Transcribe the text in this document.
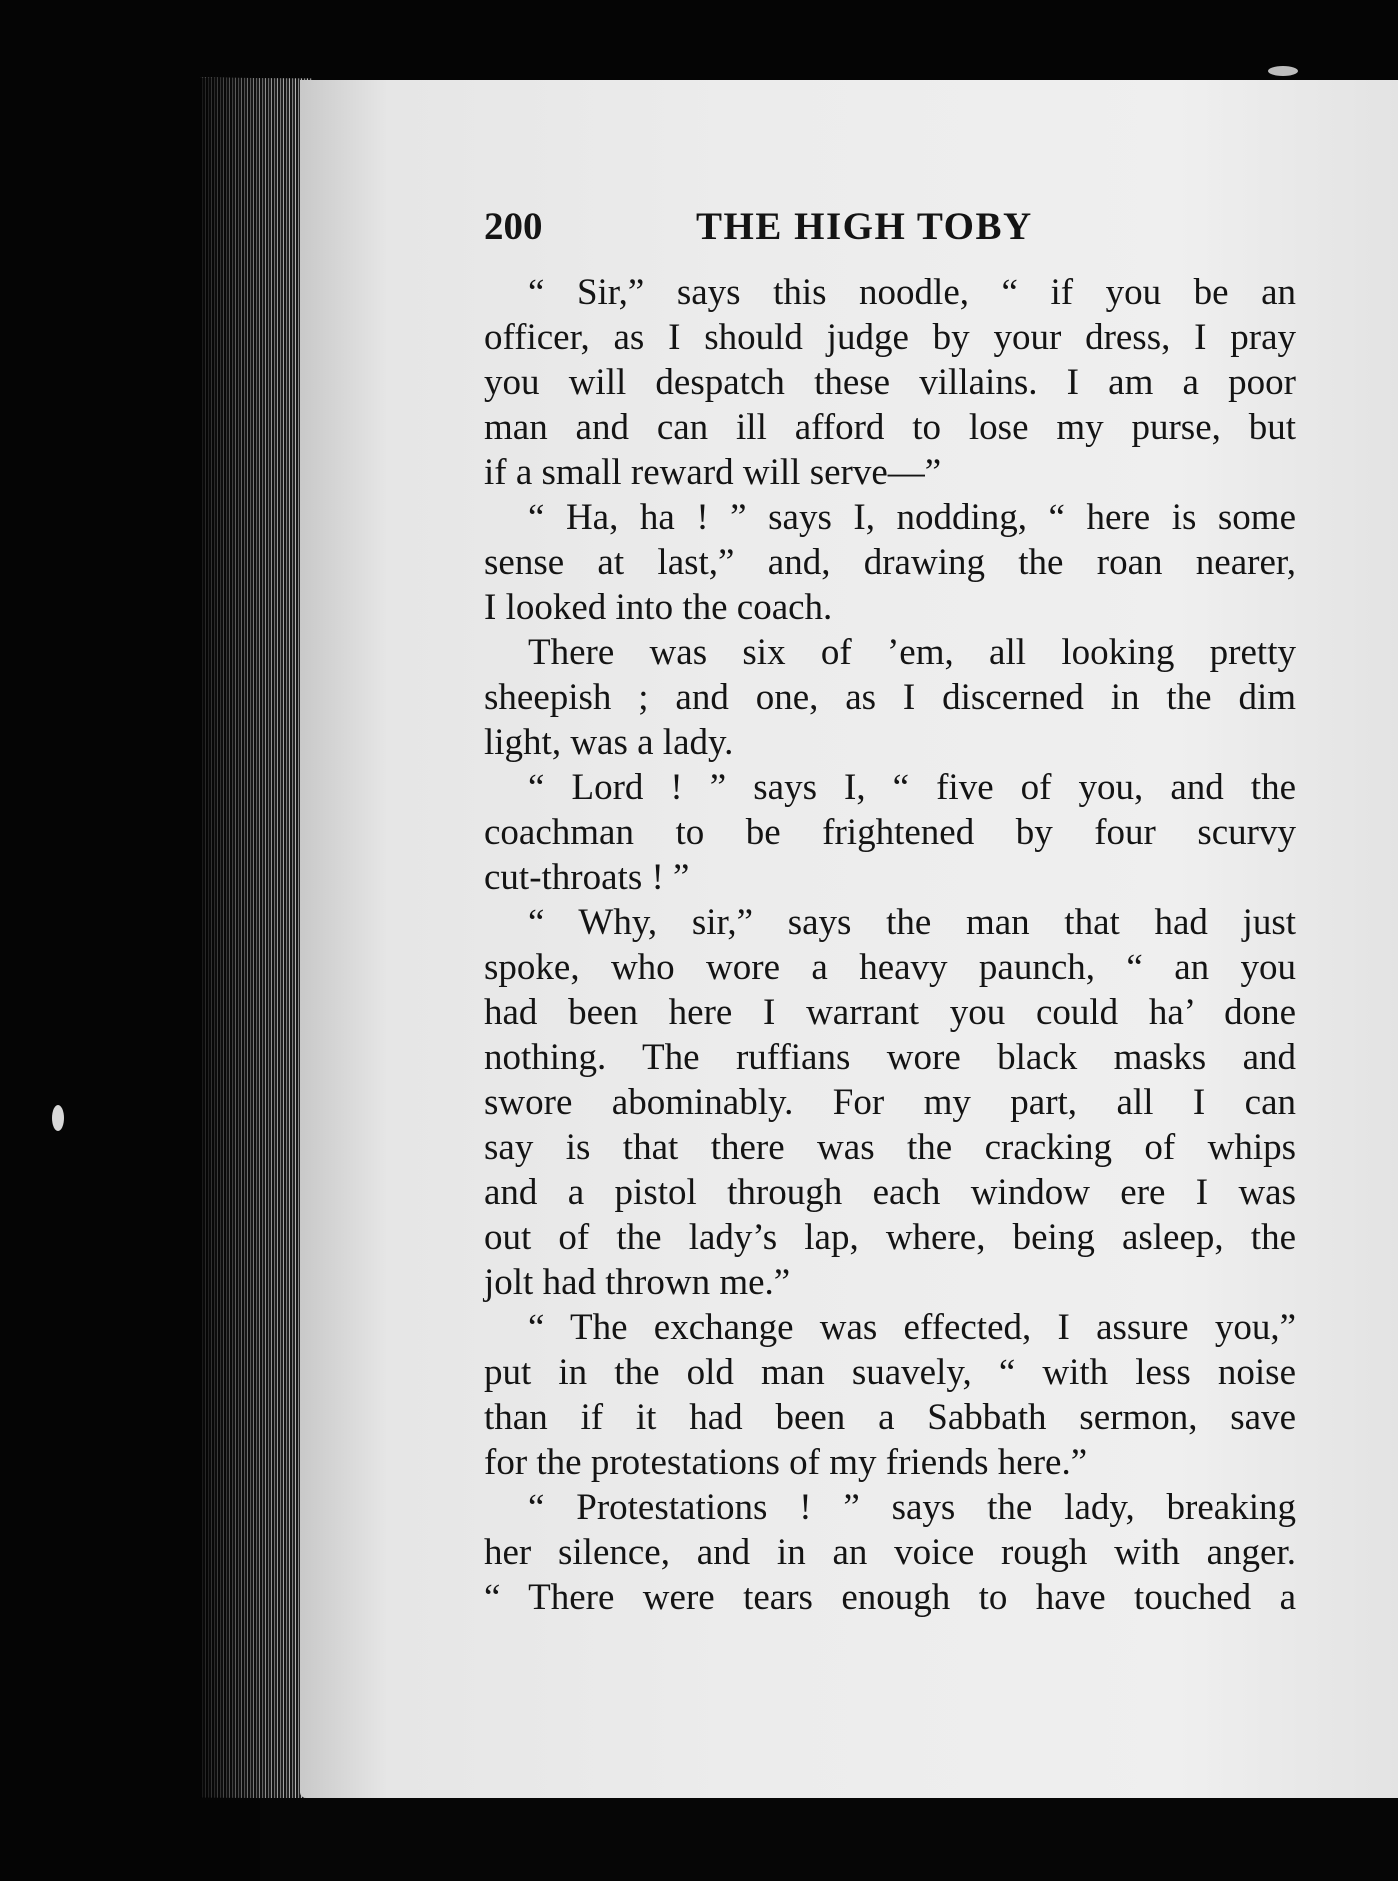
200	THE HIGH TOBY
“ Sir,” says this noodle, “ if you be an
officer, as I should judge by your dress, I pray
you will despatch these villains. I am a poor
man and can ill afford to lose my purse, but
if a small reward will serve—”
“ Ha, ha ! ” says I, nodding, “ here is some
sense at last,” and, drawing the roan nearer,
I looked into the coach.
There was six of ’em, all looking pretty
sheepish ; and one, as I discerned in the dim
light, was a lady.
“ Lord ! ” says I, “ five of you, and the
coachman to be frightened by four scurvy
cut-throats ! ”
“ Why, sir,” says the man that had just
spoke, who wore a heavy paunch, “ an you
had been here I warrant you could ha’ done
nothing. The ruffians wore black masks and
swore abominably. For my part, all I can
say is that there was the cracking of whips
and a pistol through each window ere I was
out of the lady’s lap, where, being asleep, the
jolt had thrown me.”
“ The exchange was effected, I assure you,”
put in the old man suavely, “ with less noise
than if it had been a Sabbath sermon, save
for the protestations of my friends here.”
“ Protestations ! ” says the lady, breaking
her silence, and in an voice rough with anger.
“ There were tears enough to have touched a
